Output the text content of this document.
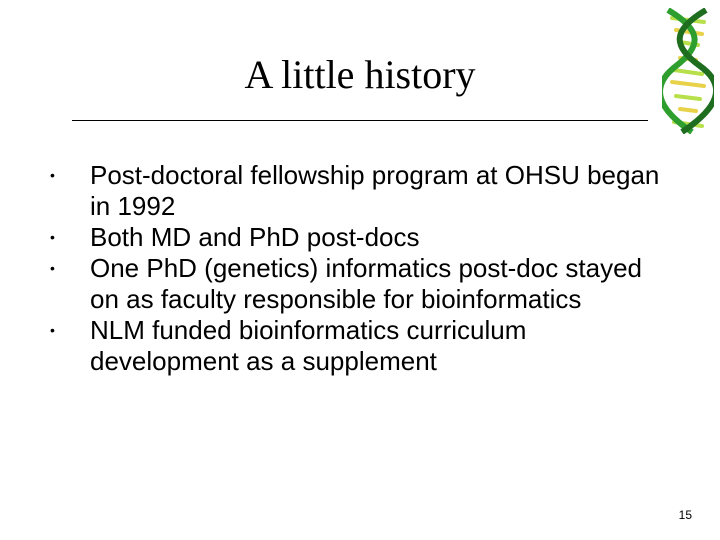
A little history
• Post-doctoral fellowship program at OHSU began in 1992
• Both MD and PhD post-docs
• One PhD (genetics) informatics post-doc stayed on as faculty responsible for bioinformatics
• NLM funded bioinformatics curriculum development as a supplement
15
